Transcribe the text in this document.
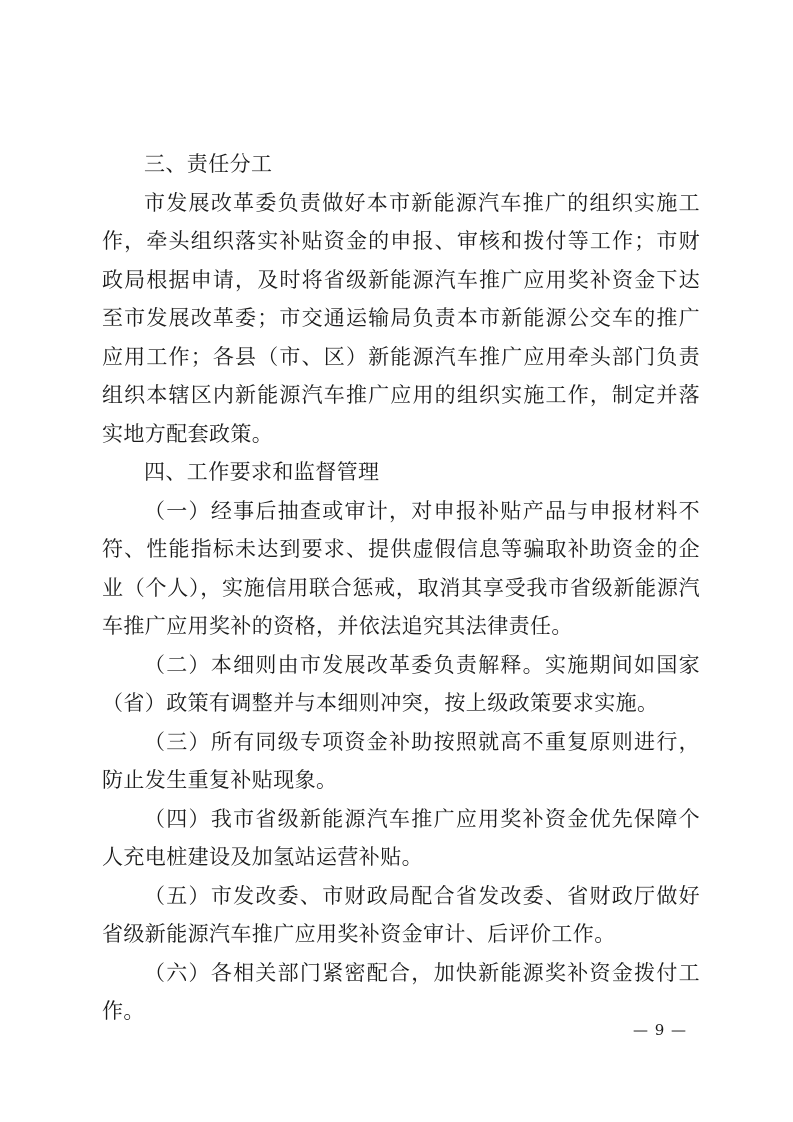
三、责任分工

市发展改革委负责做好本市新能源汽车推广的组织实施工作，牵头组织落实补贴资金的申报、审核和拨付等工作；市财政局根据申请，及时将省级新能源汽车推广应用奖补资金下达至市发展改革委；市交通运输局负责本市新能源公交车的推广应用工作；各县（市、区）新能源汽车推广应用牵头部门负责组织本辖区内新能源汽车推广应用的组织实施工作，制定并落实地方配套政策。

四、工作要求和监督管理

（一）经事后抽查或审计，对申报补贴产品与申报材料不符、性能指标未达到要求、提供虚假信息等骗取补助资金的企业（个人），实施信用联合惩戒，取消其享受我市省级新能源汽车推广应用奖补的资格，并依法追究其法律责任。

（二）本细则由市发展改革委负责解释。实施期间如国家（省）政策有调整并与本细则冲突，按上级政策要求实施。

（三）所有同级专项资金补助按照就高不重复原则进行，防止发生重复补贴现象。

（四）我市省级新能源汽车推广应用奖补资金优先保障个人充电桩建设及加氢站运营补贴。

（五）市发改委、市财政局配合省发改委、省财政厅做好省级新能源汽车推广应用奖补资金审计、后评价工作。

（六）各相关部门紧密配合，加快新能源奖补资金拨付工作。

— 9 —
